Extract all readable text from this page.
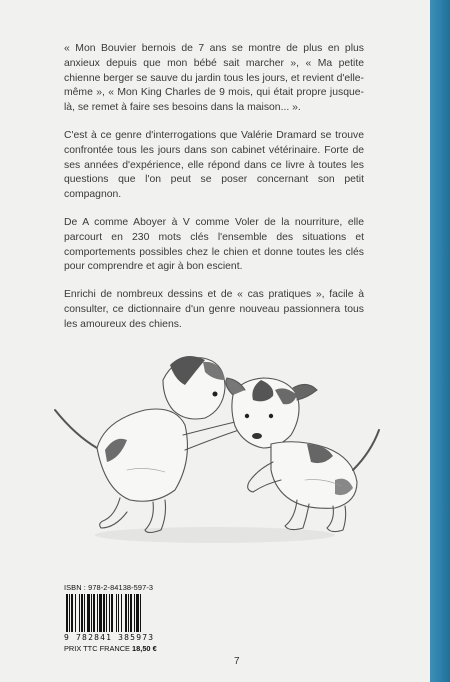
« Mon Bouvier bernois de 7 ans se montre de plus en plus anxieux depuis que mon bébé sait marcher », « Ma petite chienne berger se sauve du jardin tous les jours, et revient d'elle-même », « Mon King Charles de 9 mois, qui était propre jusque-là, se remet à faire ses besoins dans la maison... ».

C'est à ce genre d'interrogations que Valérie Dramard se trouve confrontée tous les jours dans son cabinet vétérinaire. Forte de ses années d'expérience, elle répond dans ce livre à toutes les questions que l'on peut se poser concernant son petit compagnon.

De A comme Aboyer à V comme Voler de la nourriture, elle parcourt en 230 mots clés l'ensemble des situations et comportements possibles chez le chien et donne toutes les clés pour comprendre et agir à bon escient.

Enrichi de nombreux dessins et de « cas pratiques », facile à consulter, ce dictionnaire d'un genre nouveau passionnera tous les amoureux des chiens.

ISBN : 978-2-84138-597-3
9 782841 385973
PRIX TTC FRANCE 18,50 €
7
